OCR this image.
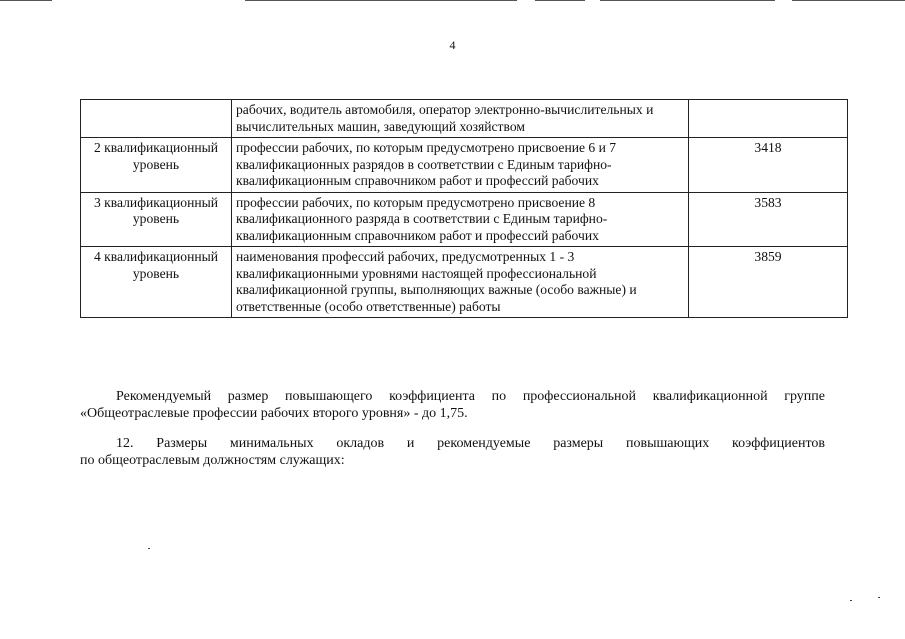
4
	рабочих, водитель автомобиля, оператор электронно-вычислительных и вычислительных машин, заведующий хозяйством	
2 квалификационный уровень	профессии рабочих, по которым предусмотрено присвоение 6 и 7 квалификационных разрядов в соответствии с Единым тарифно-квалификационным справочником работ и профессий рабочих	3418
3 квалификационный уровень	профессии рабочих, по которым предусмотрено присвоение 8 квалификационного разряда в соответствии с Единым тарифно-квалификационным справочником работ и профессий рабочих	3583
4 квалификационный уровень	наименования профессий рабочих, предусмотренных 1 - 3 квалификационными уровнями настоящей профессиональной квалификационной группы, выполняющих важные (особо важные) и ответственные (особо ответственные) работы	3859
Рекомендуемый размер повышающего коэффициента по профессиональной квалификационной группе
«Общеотраслевые профессии рабочих второго уровня» - до 1,75.
12. Размеры минимальных окладов и рекомендуемые размеры повышающих коэффициентов
по общеотраслевым должностям служащих:
